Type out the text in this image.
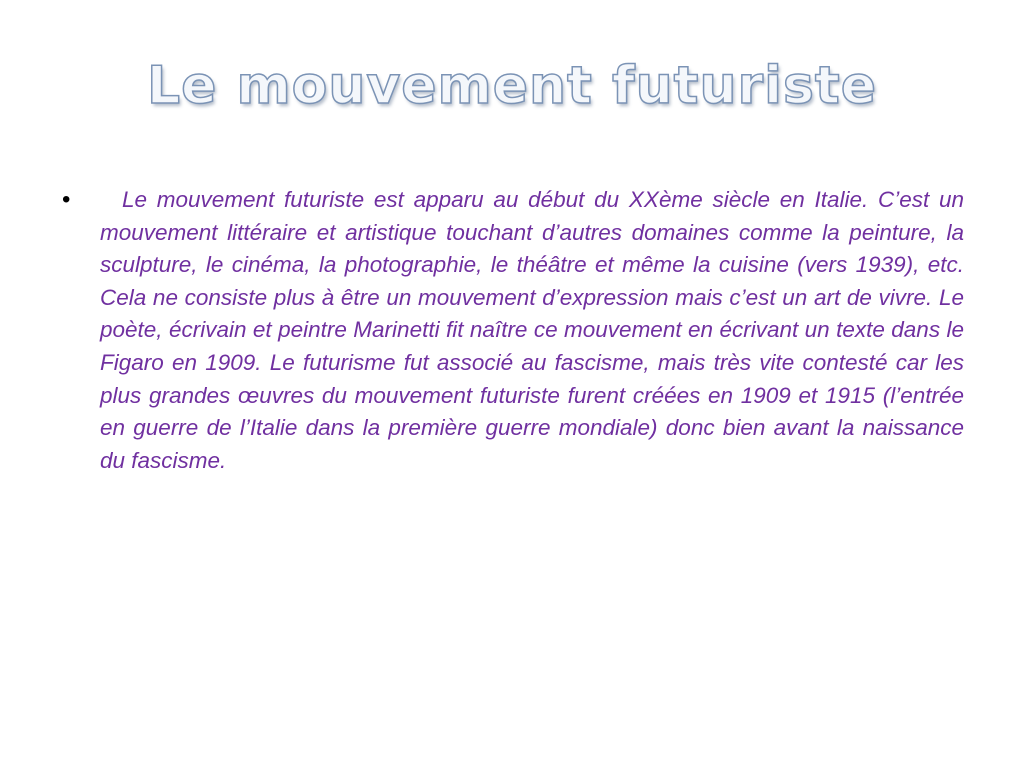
Le mouvement futuriste
•	Le mouvement futuriste est apparu au début du XXème siècle en Italie. C’est un mouvement littéraire et artistique touchant d’autres domaines comme la peinture, la sculpture, le cinéma, la photographie, le théâtre et même la cuisine (vers 1939), etc. Cela ne consiste plus à être un mouvement d’expression mais c’est un art de vivre. Le poète, écrivain et peintre Marinetti fit naître ce mouvement en écrivant un texte dans le Figaro en 1909. Le futurisme fut associé au fascisme, mais très vite contesté car les plus grandes œuvres du mouvement futuriste furent créées en 1909 et 1915 (l’entrée en guerre de l’Italie dans la première guerre mondiale) donc bien avant la naissance du fascisme.
